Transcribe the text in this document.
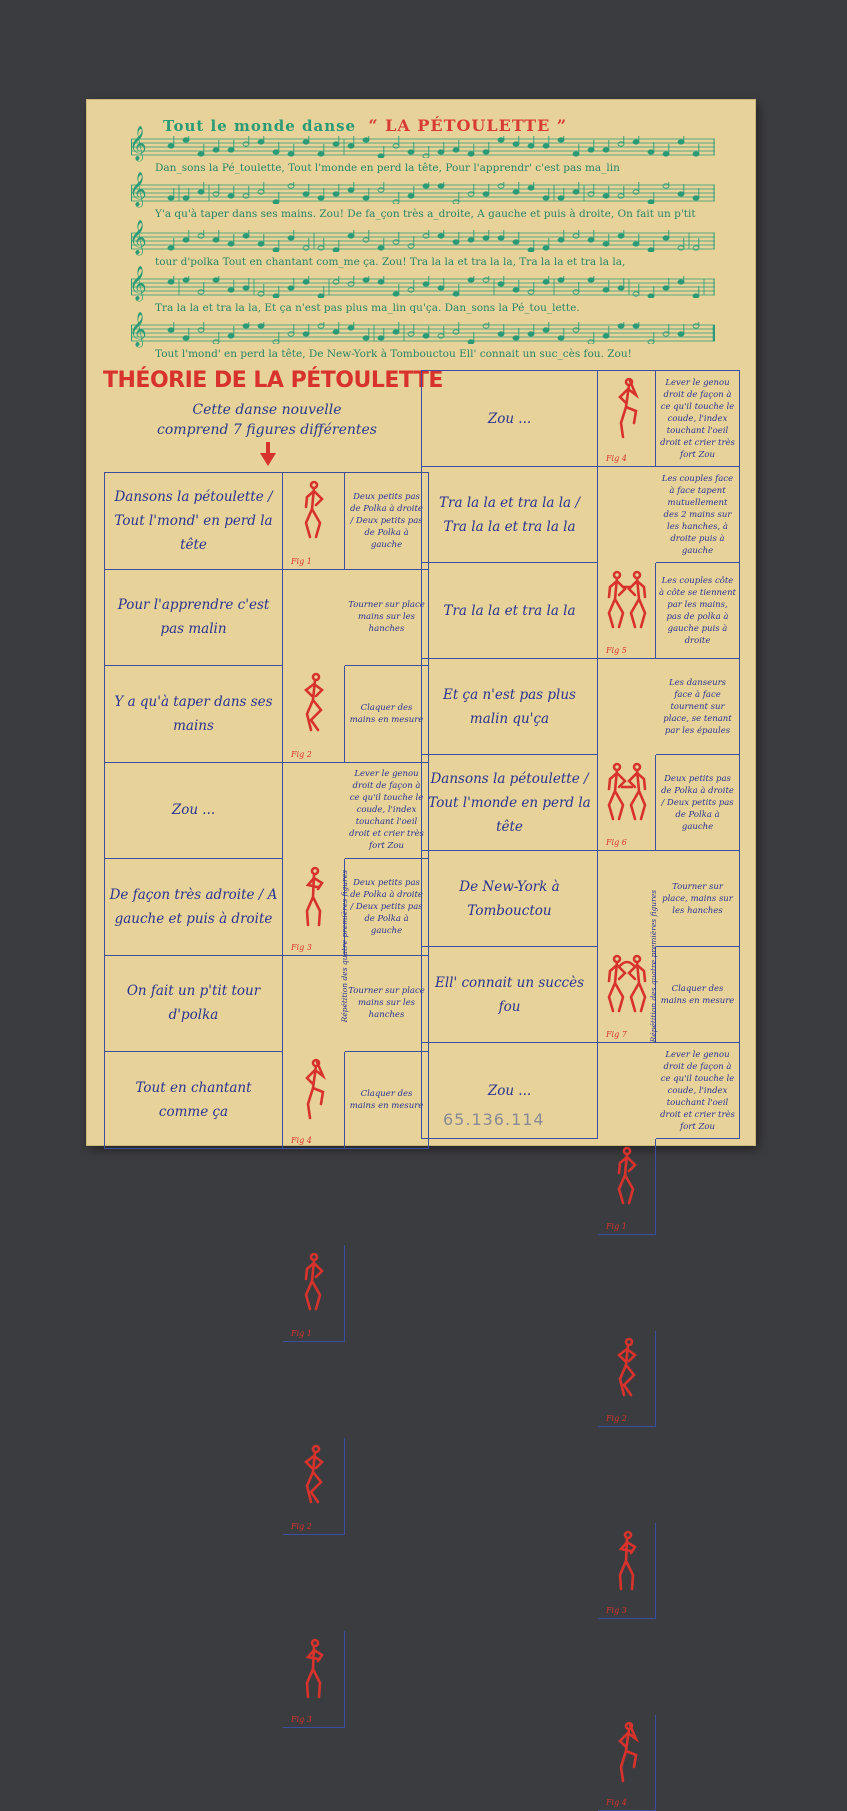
Tout le monde danse “ LA PÉTOULETTE ”
𝄞
Dan_sons la Pé_toulette, Tout l'monde en perd la tête, Pour l'apprendr' c'est pas ma_lin
𝄞
Y'a qu'à taper dans ses mains. Zou! De fa_çon très a_droite, A gauche et puis à droite, On fait un p'tit
𝄞
tour d'polka Tout en chantant com_me ça. Zou! Tra la la et tra la la, Tra la la et tra la la,
𝄞
Tra la la et tra la la, Et ça n'est pas plus ma_lin qu'ça. Dan_sons la Pé_tou_lette.
𝄞
Tout l'mond' en perd la tête, De New-York à Tombouctou Ell' connait un suc_cès fou. Zou!
THÉORIE DE LA PÉTOULETTE
Cette danse nouvelle
comprend 7 figures différentes
Dansons la pétoulette / Tout l'mond' en perd la tête
Fig 1
Deux petits pas de Polka à droite / Deux petits pas de Polka à gauche
Pour l'apprendre c'est pas malin
Fig 2
Tourner sur place mains sur les hanches
Y a qu'à taper dans ses mains
Fig 3
Claquer des mains en mesure
Zou ...
Fig 4
Lever le genou droit de façon à ce qu'il touche le coude, l'index touchant l'oeil droit et crier très fort Zou
De façon très adroite / A gauche et puis à droite
Fig 1
Deux petits pas de Polka à droite / Deux petits pas de Polka à gauche
On fait un p'tit tour d'polka
Fig 2
Tourner sur place mains sur les hanches
Tout en chantant comme ça
Fig 3
Claquer des mains en mesure
Zou ...
Fig 4
Lever le genou droit de façon à ce qu'il touche le coude, l'index touchant l'oeil droit et crier très fort Zou
Tra la la et tra la la / Tra la la et tra la la
Fig 5
Les couples face à face tapent mutuellement des 2 mains sur les hanches, à droite puis à gauche
Tra la la et tra la la
Fig 6
Les couples côte à côte se tiennent par les mains, pas de polka à gauche puis à droite
Et ça n'est pas plus malin qu'ça
Fig 7
Les danseurs face à face tournent sur place, se tenant par les épaules
Dansons la pétoulette / Tout l'monde en perd la tête
Fig 1
Deux petits pas de Polka à droite / Deux petits pas de Polka à gauche
De New-York à Tombouctou
Fig 2
Tourner sur place, mains sur les hanches
Ell' connait un succès fou
Fig 3
Claquer des mains en mesure
Zou ...
Fig 4
Lever le genou droit de façon à ce qu'il touche le coude, l'index touchant l'oeil droit et crier très fort Zou
Répétition des quatre premières figures	Répétition des quatre premières figures
65.136.114
